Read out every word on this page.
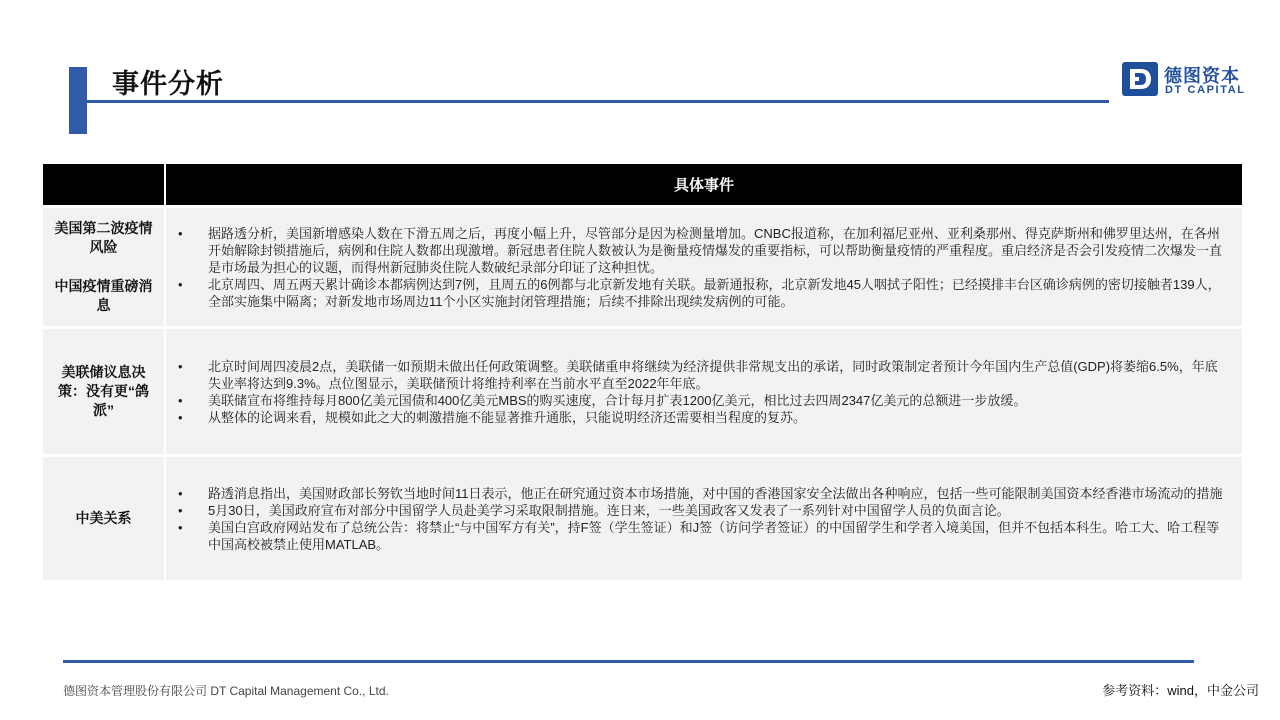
事件分析	德图资本
DT CAPITAL
具体事件
美国第二波疫情风险
中国疫情重磅消息
• 据路透分析，美国新增感染人数在下滑五周之后，再度小幅上升，尽管部分是因为检测量增加。CNBC报道称，在加利福尼亚州、亚利桑那州、得克萨斯州和佛罗里达州，在各州开始解除封锁措施后，病例和住院人数都出现激增。新冠患者住院人数被认为是衡量疫情爆发的重要指标，可以帮助衡量疫情的严重程度。重启经济是否会引发疫情二次爆发一直是市场最为担心的议题，而得州新冠肺炎住院人数破纪录部分印证了这种担忧。
• 北京周四、周五两天累计确诊本都病例达到7例，且周五的6例都与北京新发地有关联。最新通报称，北京新发地45人咽拭子阳性；已经摸排丰台区确诊病例的密切接触者139人，全部实施集中隔离；对新发地市场周边11个小区实施封闭管理措施；后续不排除出现续发病例的可能。
美联储议息决策：没有更“鸽派”
• 北京时间周四凌晨2点，美联储一如预期未做出任何政策调整。美联储重申将继续为经济提供非常规支出的承诺，同时政策制定者预计今年国内生产总值(GDP)将萎缩6.5%，年底失业率将达到9.3%。点位图显示，美联储预计将维持利率在当前水平直至2022年年底。
• 美联储宣布将维持每月800亿美元国债和400亿美元MBS的购买速度，合计每月扩表1200亿美元，相比过去四周2347亿美元的总额进一步放缓。
• 从整体的论调来看，规模如此之大的刺激措施不能显著推升通胀，只能说明经济还需要相当程度的复苏。
中美关系
• 路透消息指出，美国财政部长努钦当地时间11日表示，他正在研究通过资本市场措施，对中国的香港国家安全法做出各种响应，包括一些可能限制美国资本经香港市场流动的措施
• 5月30日，美国政府宣布对部分中国留学人员赴美学习采取限制措施。连日来，一些美国政客又发表了一系列针对中国留学人员的负面言论。
• 美国白宫政府网站发布了总统公告：将禁止“与中国军方有关”，持F签（学生签证）和J签（访问学者签证）的中国留学生和学者入境美国，但并不包括本科生。哈工大、哈工程等中国高校被禁止使用MATLAB。
德图资本管理股份有限公司 DT Capital Management Co., Ltd.	参考资料：wind，中金公司
